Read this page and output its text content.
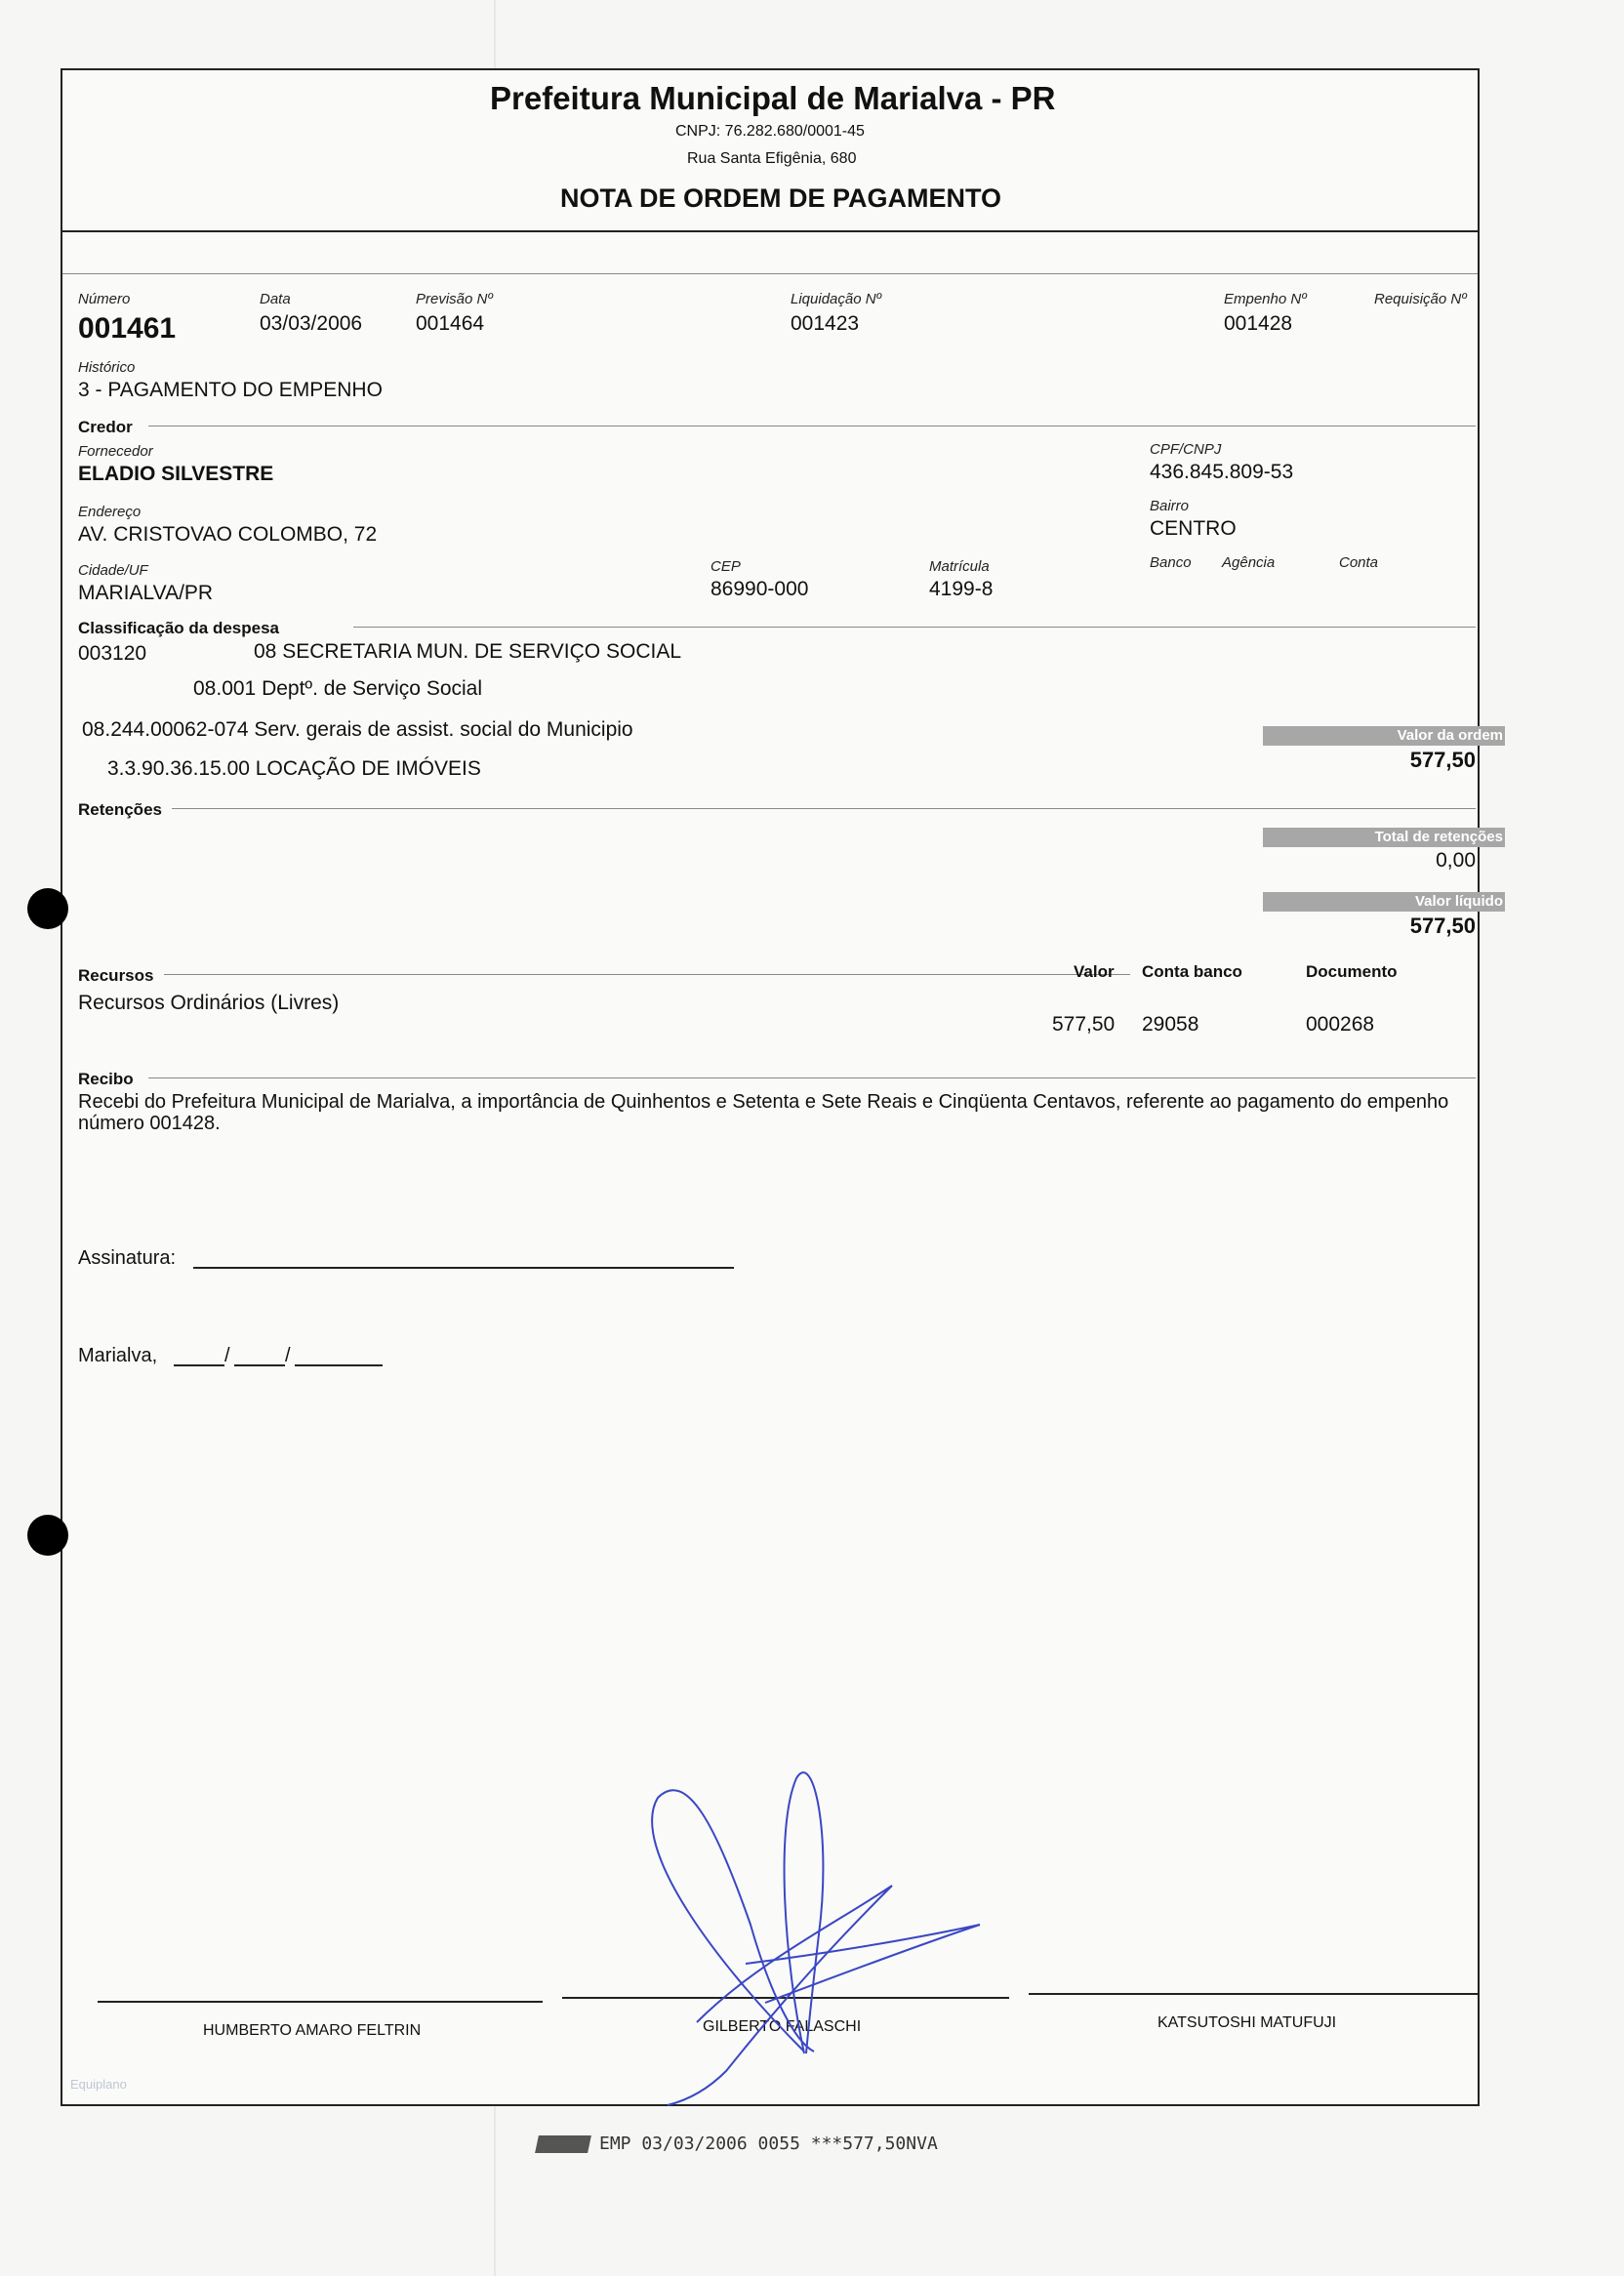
Prefeitura Municipal de Marialva - PR
CNPJ: 76.282.680/0001-45
Rua Santa Efigênia, 680
NOTA DE ORDEM DE PAGAMENTO
Número
001461
Data
03/03/2006
Previsão Nº
001464
Liquidação Nº
001423
Empenho Nº
001428
Requisição Nº
Histórico
3 - PAGAMENTO DO EMPENHO
Credor
Fornecedor
ELADIO SILVESTRE
CPF/CNPJ
436.845.809-53
Endereço
AV. CRISTOVAO COLOMBO, 72
Bairro
CENTRO
Cidade/UF
MARIALVA/PR
CEP
86990-000
Matrícula
4199-8
Banco Agência	Conta
Classificação da despesa
003120	08 SECRETARIA MUN. DE SERVIÇO SOCIAL
08.001 Deptº. de Serviço Social
08.244.00062-074 Serv. gerais de assist. social do Municipio
3.3.90.36.15.00 LOCAÇÃO DE IMÓVEIS
Valor da ordem
577,50
Retenções
Total de retenções
0,00
Valor líquido
577,50
Recursos	Valor Conta banco	Documento
Recursos Ordinários (Livres)
577,50 29058	000268
Recibo
Recebi do Prefeitura Municipal de Marialva, a importância de Quinhentos e Setenta e Sete Reais e Cinqüenta Centavos, referente ao pagamento do empenho número 001428.
Assinatura:
Marialva,	/	/
HUMBERTO AMARO FELTRIN	GILBERTO FALASCHI	KATSUTOSHI MATUFUJI
Equiplano
EMP 03/03/2006 0055 ***577,50NVA
